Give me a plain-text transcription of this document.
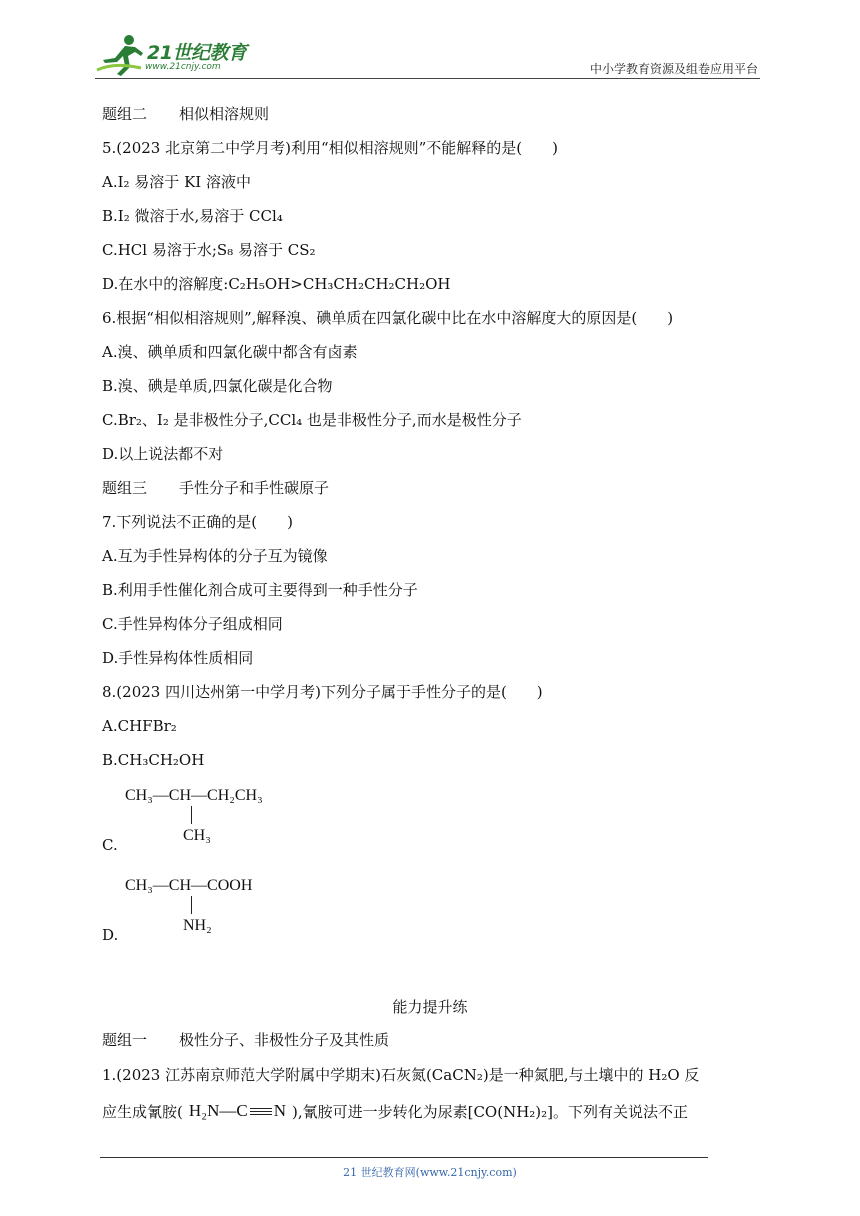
21世纪教育
www.21cnjy.com	中小学教育资源及组卷应用平台
题组二 相似相溶规则
5.(2023 北京第二中学月考)利用“相似相溶规则”不能解释的是(　　)
A.I₂ 易溶于 KI 溶液中
B.I₂ 微溶于水,易溶于 CCl₄
C.HCl 易溶于水;S₈ 易溶于 CS₂
D.在水中的溶解度:C₂H₅OH>CH₃CH₂CH₂CH₂OH
6.根据“相似相溶规则”,解释溴、碘单质在四氯化碳中比在水中溶解度大的原因是(　　)
A.溴、碘单质和四氯化碳中都含有卤素
B.溴、碘是单质,四氯化碳是化合物
C.Br₂、I₂ 是非极性分子,CCl₄ 也是非极性分子,而水是极性分子
D.以上说法都不对
题组三 手性分子和手性碳原子
7.下列说法不正确的是(　　)
A.互为手性异构体的分子互为镜像
B.利用手性催化剂合成可主要得到一种手性分子
C.手性异构体分子组成相同
D.手性异构体性质相同
8.(2023 四川达州第一中学月考)下列分子属于手性分子的是(　　)
A.CHFBr₂
B.CH₃CH₂OH
CH₃—CH—CH₂CH₃
CH₃
C.
CH₃—CH—COOH
NH₂
D.
能力提升练
题组一 极性分子、非极性分子及其性质
1.(2023 江苏南京师范大学附属中学期末)石灰氮(CaCN₂)是一种氮肥,与土壤中的 H₂O 反
应生成氰胺( H₂N—C N ),氰胺可进一步转化为尿素[CO(NH₂)₂]。下列有关说法不正
21 世纪教育网(www.21cnjy.com)
